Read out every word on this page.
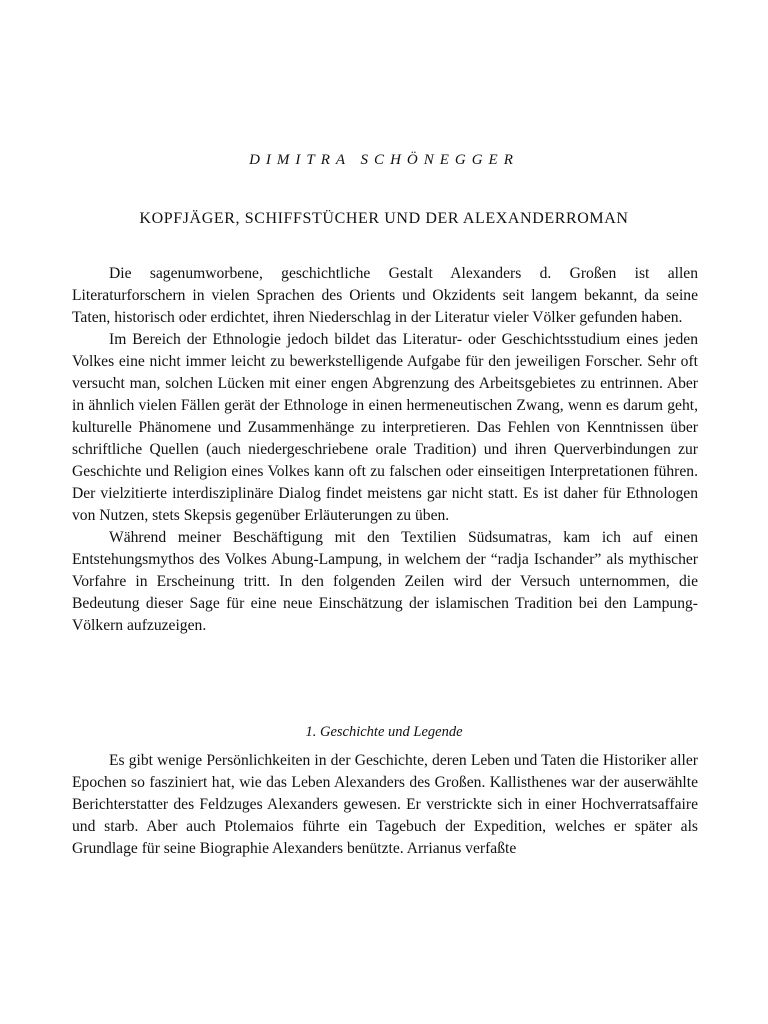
DIMITRA SCHÖNEGGER
KOPFJÄGER, SCHIFFSTÜCHER UND DER ALEXANDERROMAN

Die sagenumworbene, geschichtliche Gestalt Alexanders d. Großen ist allen Literaturforschern in vielen Sprachen des Orients und Okzidents seit langem bekannt, da seine Taten, historisch oder erdichtet, ihren Niederschlag in der Literatur vieler Völker gefunden haben.

Im Bereich der Ethnologie jedoch bildet das Literatur- oder Geschichtsstudium eines jeden Volkes eine nicht immer leicht zu bewerkstelligende Aufgabe für den jeweiligen Forscher. Sehr oft versucht man, solchen Lücken mit einer engen Abgrenzung des Arbeitsgebietes zu entrinnen. Aber in ähnlich vielen Fällen gerät der Ethnologe in einen hermeneutischen Zwang, wenn es darum geht, kulturelle Phänomene und Zusammenhänge zu interpretieren. Das Fehlen von Kenntnissen über schriftliche Quellen (auch niedergeschriebene orale Tradition) und ihren Querverbindungen zur Geschichte und Religion eines Volkes kann oft zu falschen oder einseitigen Interpretationen führen. Der vielzitierte interdisziplinäre Dialog findet meistens gar nicht statt. Es ist daher für Ethnologen von Nutzen, stets Skepsis gegenüber Erläuterungen zu üben.

Während meiner Beschäftigung mit den Textilien Südsumatras, kam ich auf einen Entstehungsmythos des Volkes Abung-Lampung, in welchem der “radja Ischander” als mythischer Vorfahre in Erscheinung tritt. In den folgenden Zeilen wird der Versuch unternommen, die Bedeutung dieser Sage für eine neue Einschätzung der islamischen Tradition bei den Lampung-Völkern aufzuzeigen.

1. Geschichte und Legende

Es gibt wenige Persönlichkeiten in der Geschichte, deren Leben und Taten die Historiker aller Epochen so fasziniert hat, wie das Leben Alexanders des Großen. Kallisthenes war der auserwählte Berichterstatter des Feldzuges Alexanders gewesen. Er verstrickte sich in einer Hochverratsaffaire und starb. Aber auch Ptolemaios führte ein Tagebuch der Expedition, welches er später als Grundlage für seine Biographie Alexanders benützte. Arrianus verfaßte
